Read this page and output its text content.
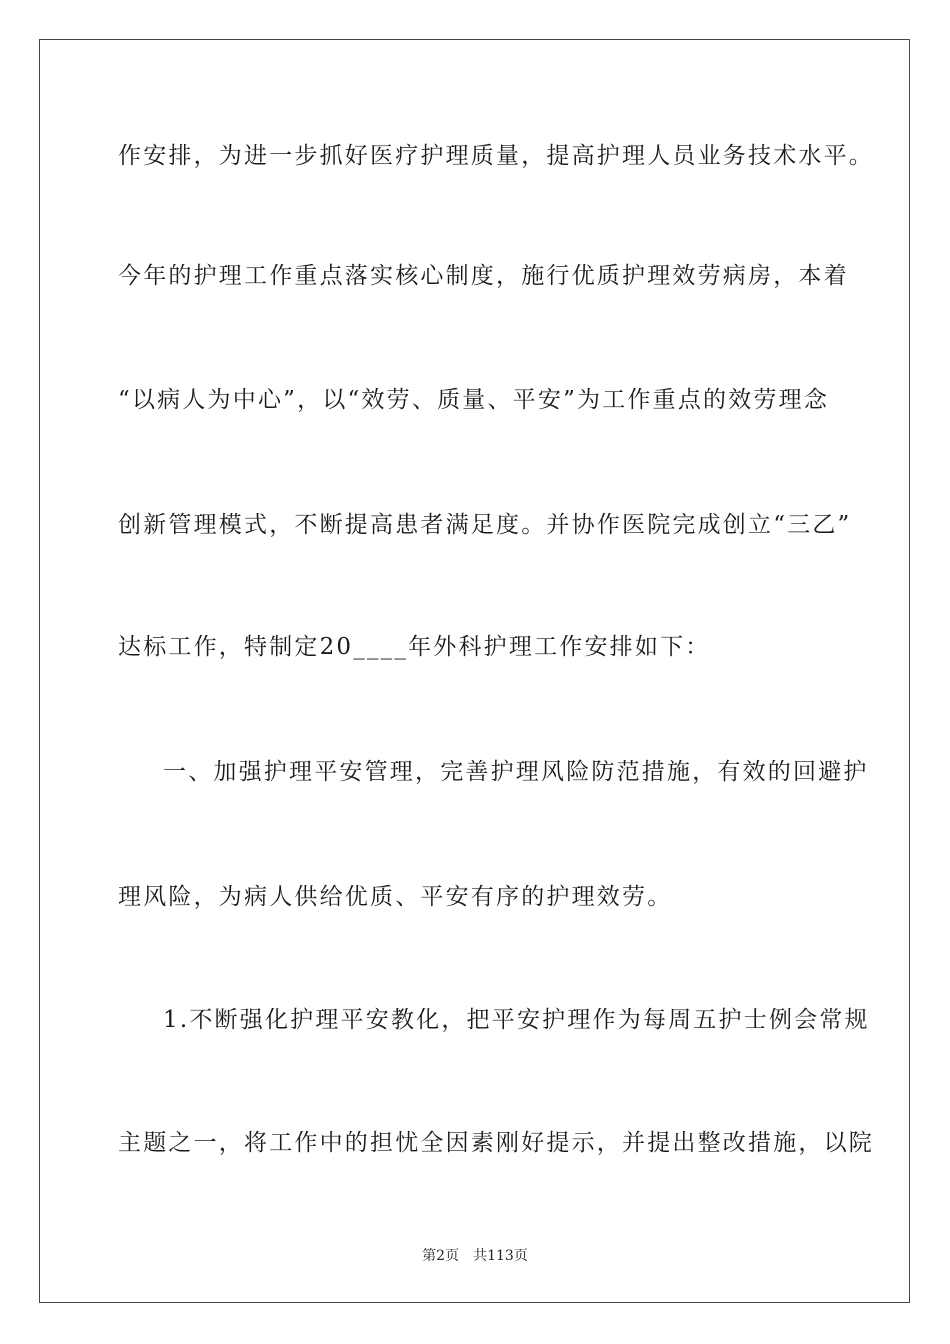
作安排，为进一步抓好医疗护理质量，提高护理人员业务技术水平。
今年的护理工作重点落实核心制度，施行优质护理效劳病房，本着
“以病人为中心”，以“效劳、质量、平安”为工作重点的效劳理念
创新管理模式，不断提高患者满足度。并协作医院完成创立“三乙”
达标工作，特制定20____年外科护理工作安排如下：
一、加强护理平安管理，完善护理风险防范措施，有效的回避护
理风险，为病人供给优质、平安有序的护理效劳。
1.不断强化护理平安教化，把平安护理作为每周五护士例会常规
主题之一，将工作中的担忧全因素刚好提示，并提出整改措施，以院
第2页 共113页
